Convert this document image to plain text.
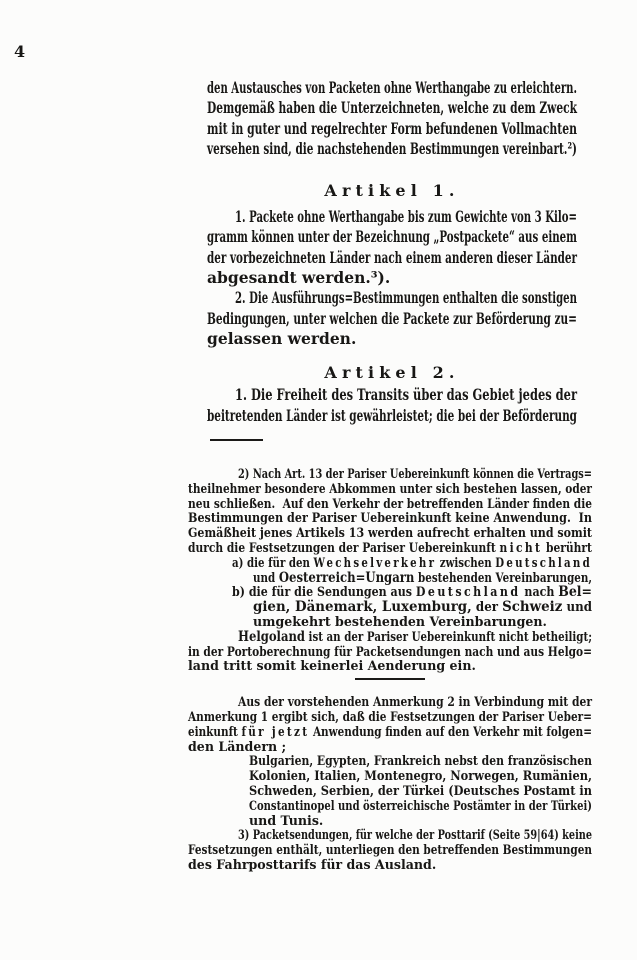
4
den Austausches von Packeten ohne Werthangabe zu erleichtern.
Demgemäß haben die Unterzeichneten, welche zu dem Zweck
mit in guter und regelrechter Form befundenen Vollmachten
versehen sind, die nachstehenden Bestimmungen vereinbart.²)
Artikel 1.
1. Packete ohne Werthangabe bis zum Gewichte von 3 Kilo=
gramm können unter der Bezeichnung „Postpackete“ aus einem
der vorbezeichneten Länder nach einem anderen dieser Länder
abgesandt werden.³).
2. Die Ausführungs=Bestimmungen enthalten die sonstigen
Bedingungen, unter welchen die Packete zur Beförderung zu=
gelassen werden.
Artikel 2.
1. Die Freiheit des Transits über das Gebiet jedes der
beitretenden Länder ist gewährleistet; die bei der Beförderung
2) Nach Art. 13 der Pariser Uebereinkunft können die Vertrags=
theilnehmer besondere Abkommen unter sich bestehen lassen, oder
neu schließen.  Auf den Verkehr der betreffenden Länder finden die
Bestimmungen der Pariser Uebereinkunft keine Anwendung.  In
Gemäßheit jenes Artikels 13 werden aufrecht erhalten und somit
durch die Festsetzungen der Pariser Uebereinkunft nicht berührt
a) die für den Wechselverkehr zwischen Deutschland
und Oesterreich=Ungarn bestehenden Vereinbarungen,
b) die für die Sendungen aus Deutschland nach Bel=
gien, Dänemark, Luxemburg, der Schweiz und
umgekehrt bestehenden Vereinbarungen.
Helgoland ist an der Pariser Uebereinkunft nicht betheiligt;
in der Portoberechnung für Packetsendungen nach und aus Helgo=
land tritt somit keinerlei Aenderung ein.
Aus der vorstehenden Anmerkung 2 in Verbindung mit der
Anmerkung 1 ergibt sich, daß die Festsetzungen der Pariser Ueber=
einkunft für jetzt Anwendung finden auf den Verkehr mit folgen=
den Ländern ;
Bulgarien, Egypten, Frankreich nebst den französischen
Kolonien, Italien, Montenegro, Norwegen, Rumänien,
Schweden, Serbien, der Türkei (Deutsches Postamt in
Constantinopel und österreichische Postämter in der Türkei)
und Tunis.
3) Packetsendungen, für welche der Posttarif (Seite 59|64) keine
Festsetzungen enthält, unterliegen den betreffenden Bestimmungen
des Fahrposttarifs für das Ausland.
